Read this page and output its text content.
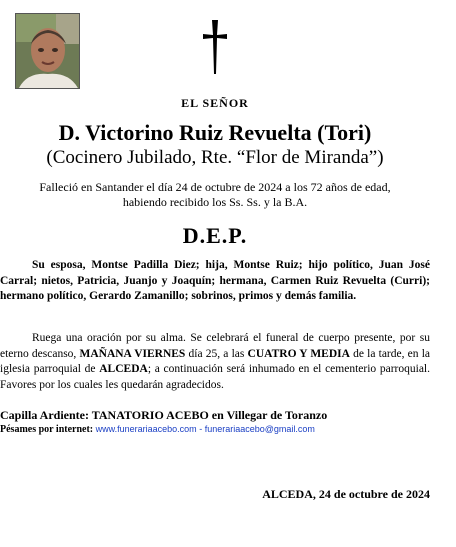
EL SEÑOR
D. Victorino Ruiz Revuelta (Tori)
(Cocinero Jubilado, Rte. “Flor de Miranda”)
Falleció en Santander el día 24 de octubre de 2024 a los 72 años de edad,
habiendo recibido los Ss. Ss. y la B.A.
D.E.P.
Su esposa, Montse Padilla Diez; hija, Montse Ruiz; hijo político, Juan José Carral; nietos, Patricia, Juanjo y Joaquín; hermana, Carmen Ruiz Revuelta (Curri); hermano político, Gerardo Zamanillo; sobrinos, primos y demás familia.
Ruega una oración por su alma. Se celebrará el funeral de cuerpo presente, por su eterno descanso, MAÑANA VIERNES día 25, a las CUATRO Y MEDIA de la tarde, en la iglesia parroquial de ALCEDA; a continuación será inhumado en el cementerio parroquial. Favores por los cuales les quedarán agradecidos.
Capilla Ardiente: TANATORIO ACEBO en Villegar de Toranzo
Pésames por internet: www.funerariaacebo.com - funerariaacebo@gmail.com
ALCEDA, 24 de octubre de 2024
